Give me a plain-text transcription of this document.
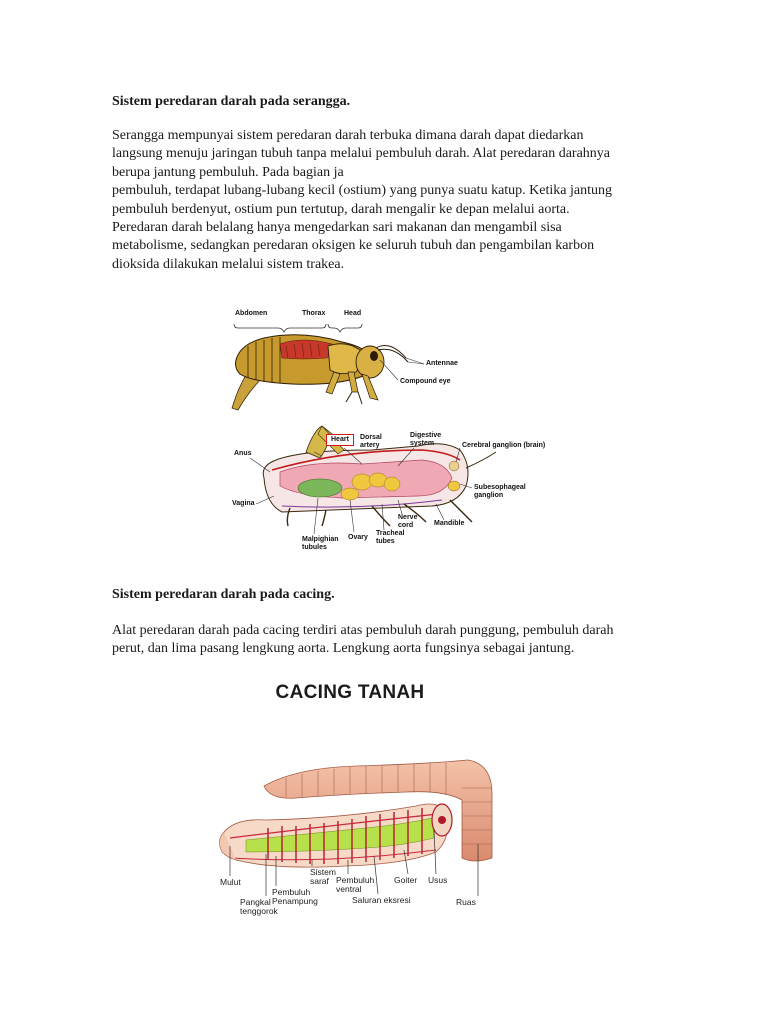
Sistem peredaran darah pada serangga.

Serangga mempunyai sistem peredaran darah terbuka dimana darah dapat diedarkan
langsung menuju jaringan tubuh tanpa melalui pembuluh darah. Alat peredaran darahnya
berupa jantung pembuluh. Pada bagian ja
pembuluh, terdapat lubang-lubang kecil (ostium) yang punya suatu katup. Ketika jantung
pembuluh berdenyut, ostium pun tertutup, darah mengalir ke depan melalui aorta.
Peredaran darah belalang hanya mengedarkan sari makanan dan mengambil sisa
metabolisme, sedangkan peredaran oksigen ke seluruh tubuh dan pengambilan karbon
dioksida dilakukan melalui sistem trakea.

Abdomen	Thorax	Head
Antennae
Compound eye
Heart	Dorsal artery
Digestive system	Cerebral ganglion (brain)
Anus
Subesophageal ganglion
Vagina
Mandible
Nerve cord
Tracheal tubes
Ovary
Malpighian tubules

Sistem peredaran darah pada cacing.

Alat peredaran darah pada cacing terdiri atas pembuluh darah punggung, pembuluh darah
perut, dan lima pasang lengkung aorta. Lengkung aorta fungsinya sebagai jantung.

CACING TANAH
Mulut
Pangkal tenggorok
Pembuluh Penampung
Sistem saraf Pembuluh ventral
Saluran eksresi
Goiter Usus
Ruas
